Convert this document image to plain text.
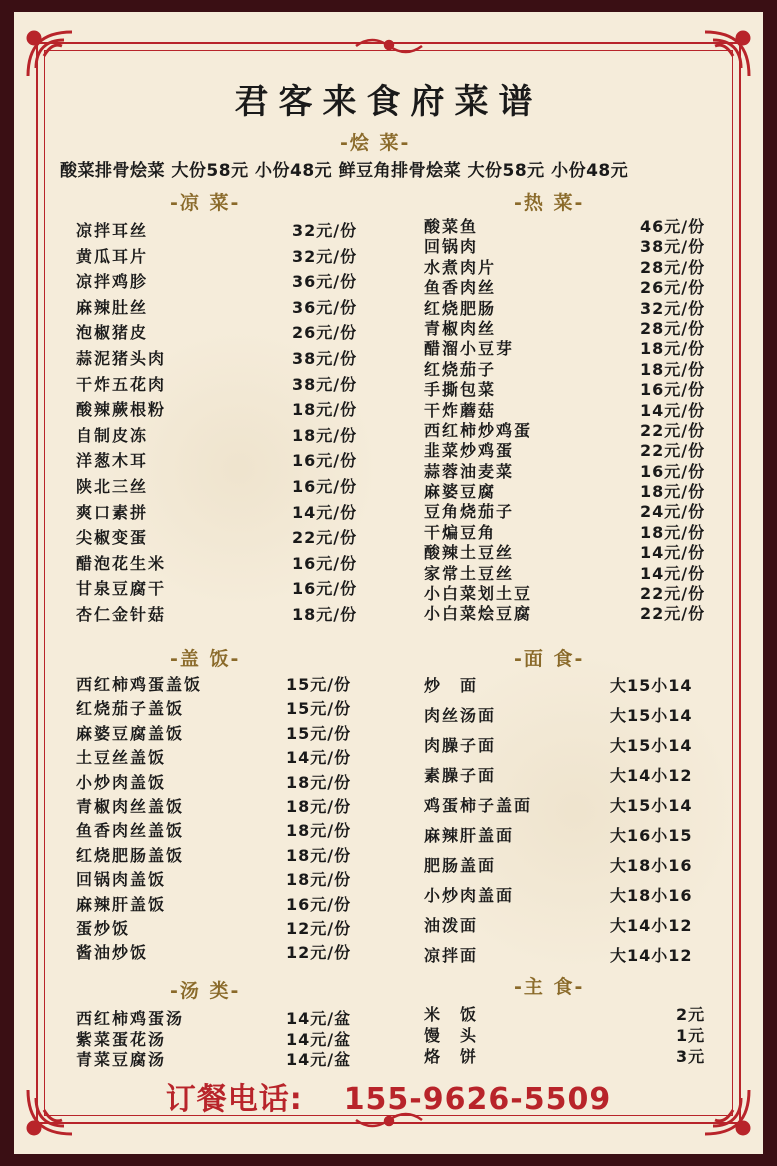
君客来食府菜谱
-烩 菜-
酸菜排骨烩菜 大份58元 小份48元 鲜豆角排骨烩菜 大份58元 小份48元
-凉 菜-	-热 菜-
凉拌耳丝	32元/份
黄瓜耳片	32元/份
凉拌鸡胗	36元/份
麻辣肚丝	36元/份
泡椒猪皮	26元/份
蒜泥猪头肉	38元/份
干炸五花肉	38元/份
酸辣蕨根粉	18元/份
自制皮冻	18元/份
洋葱木耳	16元/份
陕北三丝	16元/份
爽口素拼	14元/份
尖椒变蛋	22元/份
醋泡花生米	16元/份
甘泉豆腐干	16元/份
杏仁金针菇	18元/份
酸菜鱼	46元/份
回锅肉	38元/份
水煮肉片	28元/份
鱼香肉丝	26元/份
红烧肥肠	32元/份
青椒肉丝	28元/份
醋溜小豆芽	18元/份
红烧茄子	18元/份
手撕包菜	16元/份
干炸蘑菇	14元/份
西红柿炒鸡蛋	22元/份
韭菜炒鸡蛋	22元/份
蒜蓉油麦菜	16元/份
麻婆豆腐	18元/份
豆角烧茄子	24元/份
干煸豆角	18元/份
酸辣土豆丝	14元/份
家常土豆丝	14元/份
小白菜划土豆	22元/份
小白菜烩豆腐	22元/份
-盖 饭-	-面 食-
西红柿鸡蛋盖饭	15元/份
红烧茄子盖饭	15元/份
麻婆豆腐盖饭	15元/份
土豆丝盖饭	14元/份
小炒肉盖饭	18元/份
青椒肉丝盖饭	18元/份
鱼香肉丝盖饭	18元/份
红烧肥肠盖饭	18元/份
回锅肉盖饭	18元/份
麻辣肝盖饭	16元/份
蛋炒饭	12元/份
酱油炒饭	12元/份
炒　面	大15小14
肉丝汤面	大15小14
肉臊子面	大15小14
素臊子面	大14小12
鸡蛋柿子盖面	大15小14
麻辣肝盖面	大16小15
肥肠盖面	大18小16
小炒肉盖面	大18小16
油泼面	大14小12
凉拌面	大14小12
-汤 类-	-主 食-
西红柿鸡蛋汤	14元/盆
紫菜蛋花汤	14元/盆
青菜豆腐汤	14元/盆
米　饭	2元
馒　头	1元
烙　饼	3元
订餐电话: 155-9626-5509
